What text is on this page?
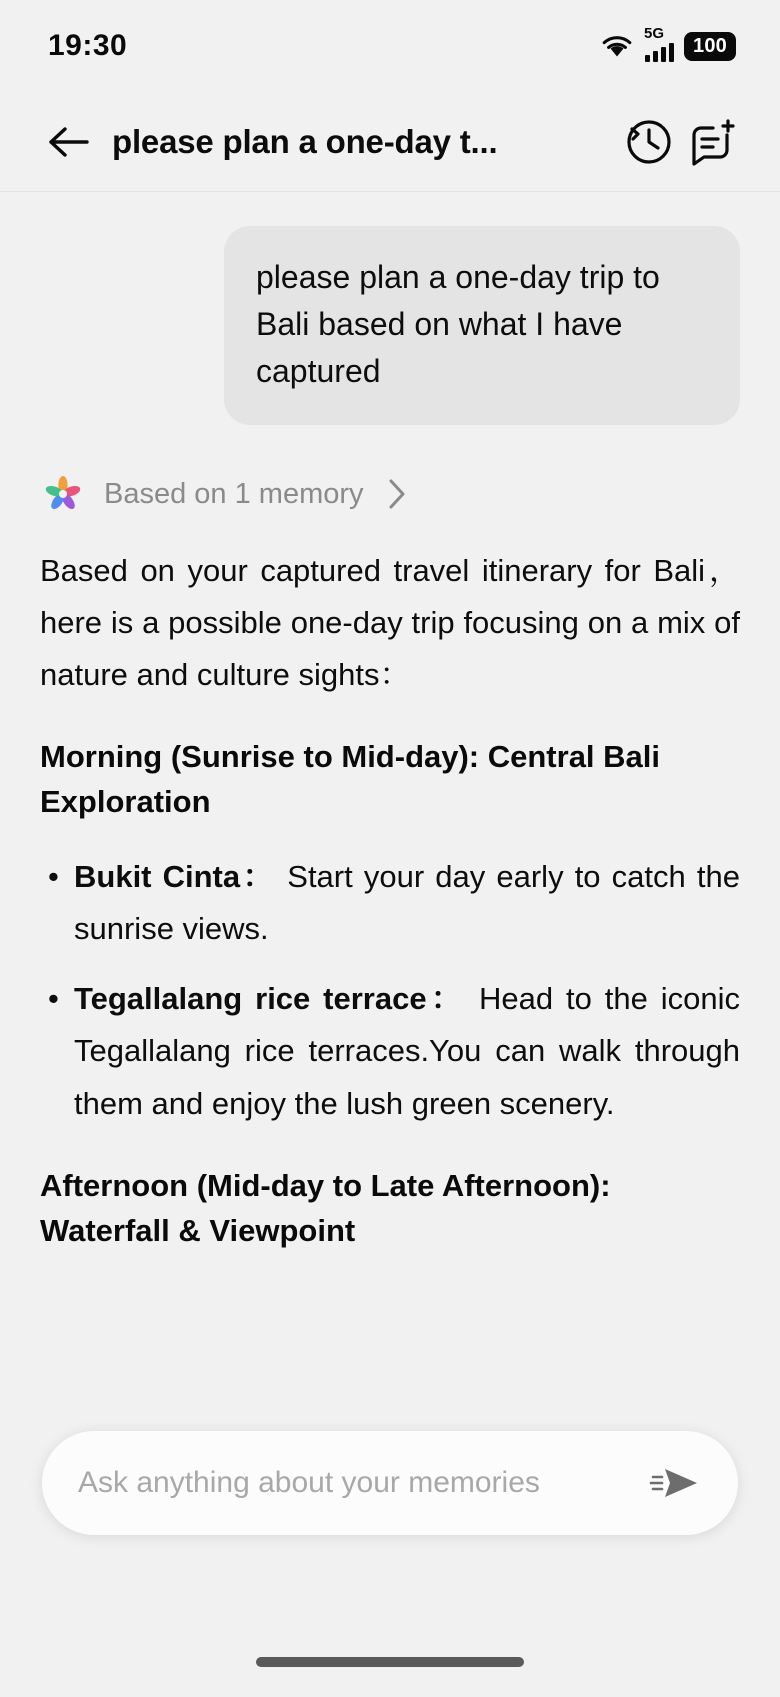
19:30	5G
100
please plan a one-day t...
please plan a one-day trip to Bali based on what I have captured
Based on 1 memory
Based on your captured travel itinerary for Bali，here is a possible one-day trip focusing on a mix of nature and culture sights：
Morning (Sunrise to Mid-day): Central Bali Exploration
• Bukit Cinta： Start your day early to catch the sunrise views.
• Tegallalang rice terrace： Head to the iconic Tegallalang rice terraces.You can walk through them and enjoy the lush green scenery.
Afternoon (Mid-day to Late Afternoon): Waterfall & Viewpoint
Ask anything about your memories
